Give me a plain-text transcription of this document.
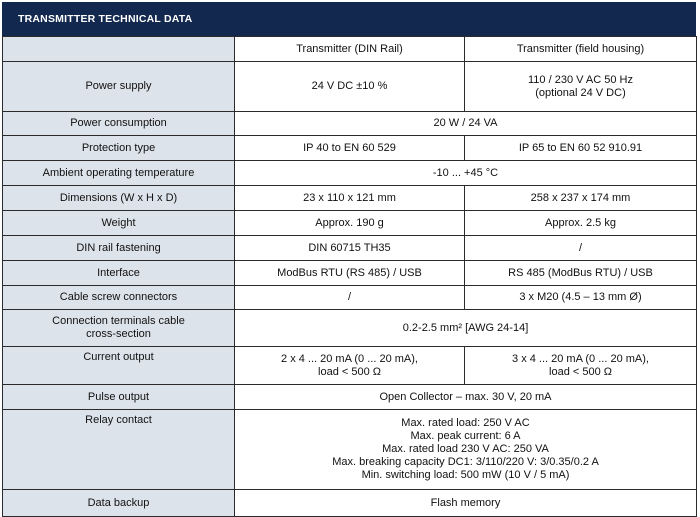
TRANSMITTER TECHNICAL DATA
	Transmitter (DIN Rail)	Transmitter (field housing)
Power supply	24 V DC ±10 %	110 / 230 V AC 50 Hz
(optional 24 V DC)

Power consumption	20 W / 24 VA	

Protection type	IP 40 to EN 60 529	IP 65 to EN 60 52 910.91

Ambient operating temperature	-10 ... +45 °C	

Dimensions (W x H x D)	23 x 110 x 121 mm	258 x 237 x 174 mm

Weight	Approx. 190 g	Approx. 2.5 kg

DIN rail fastening	DIN 60715 TH35	/

Interface	ModBus RTU (RS 485) / USB	RS 485 (ModBus RTU) / USB

Cable screw connectors	/	3 x M20 (4.5 – 13 mm Ø)

Connection terminals cable
cross-section	0.2-2.5 mm² [AWG 24-14]	

Current output	2 x 4 ... 20 mA (0 ... 20 mA),
load < 500 Ω	3 x 4 ... 20 mA (0 ... 20 mA),
load < 500 Ω

Pulse output	Open Collector – max. 30 V, 20 mA	

Relay contact	Max. rated load: 250 V AC
Max. peak current: 6 A
Max. rated load 230 V AC: 250 VA
Max. breaking capacity DC1: 3/110/220 V: 3/0.35/0.2 A
Min. switching load: 500 mW (10 V / 5 mA)	

Data backup	Flash memory	
